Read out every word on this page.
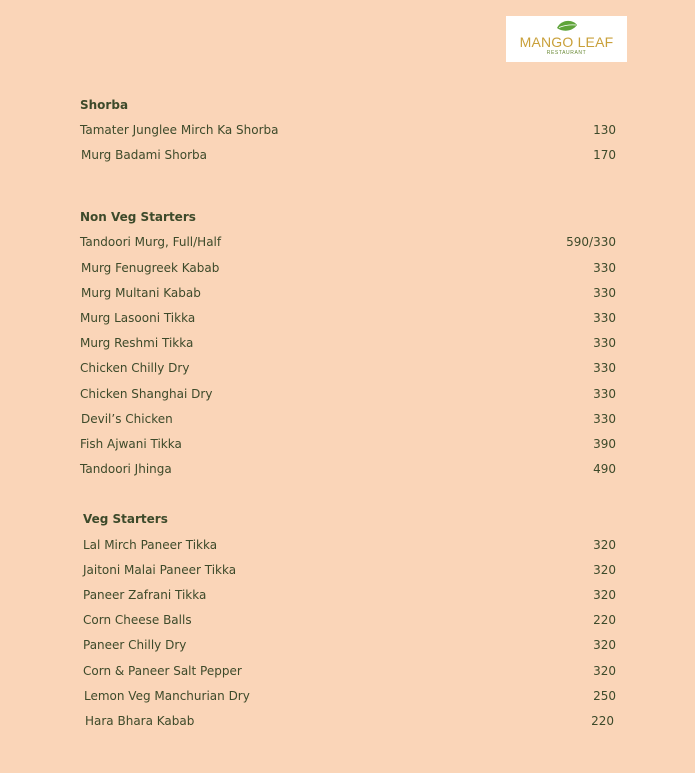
MANGO LEAF
RESTAURANT
Shorba
Tamater Junglee Mirch Ka Shorba	130
Murg Badami Shorba	170
Non Veg Starters
Tandoori Murg, Full/Half	590/330
Murg Fenugreek Kabab	330
Murg Multani Kabab	330
Murg Lasooni Tikka	330
Murg Reshmi Tikka	330
Chicken Chilly Dry	330
Chicken Shanghai Dry	330
Devil’s Chicken	330
Fish Ajwani Tikka	390
Tandoori Jhinga	490
Veg Starters
Lal Mirch Paneer Tikka	320
Jaitoni Malai Paneer Tikka	320
Paneer Zafrani Tikka	320
Corn Cheese Balls	220
Paneer Chilly Dry	320
Corn & Paneer Salt Pepper	320
Lemon Veg Manchurian Dry	250
Hara Bhara Kabab	220
